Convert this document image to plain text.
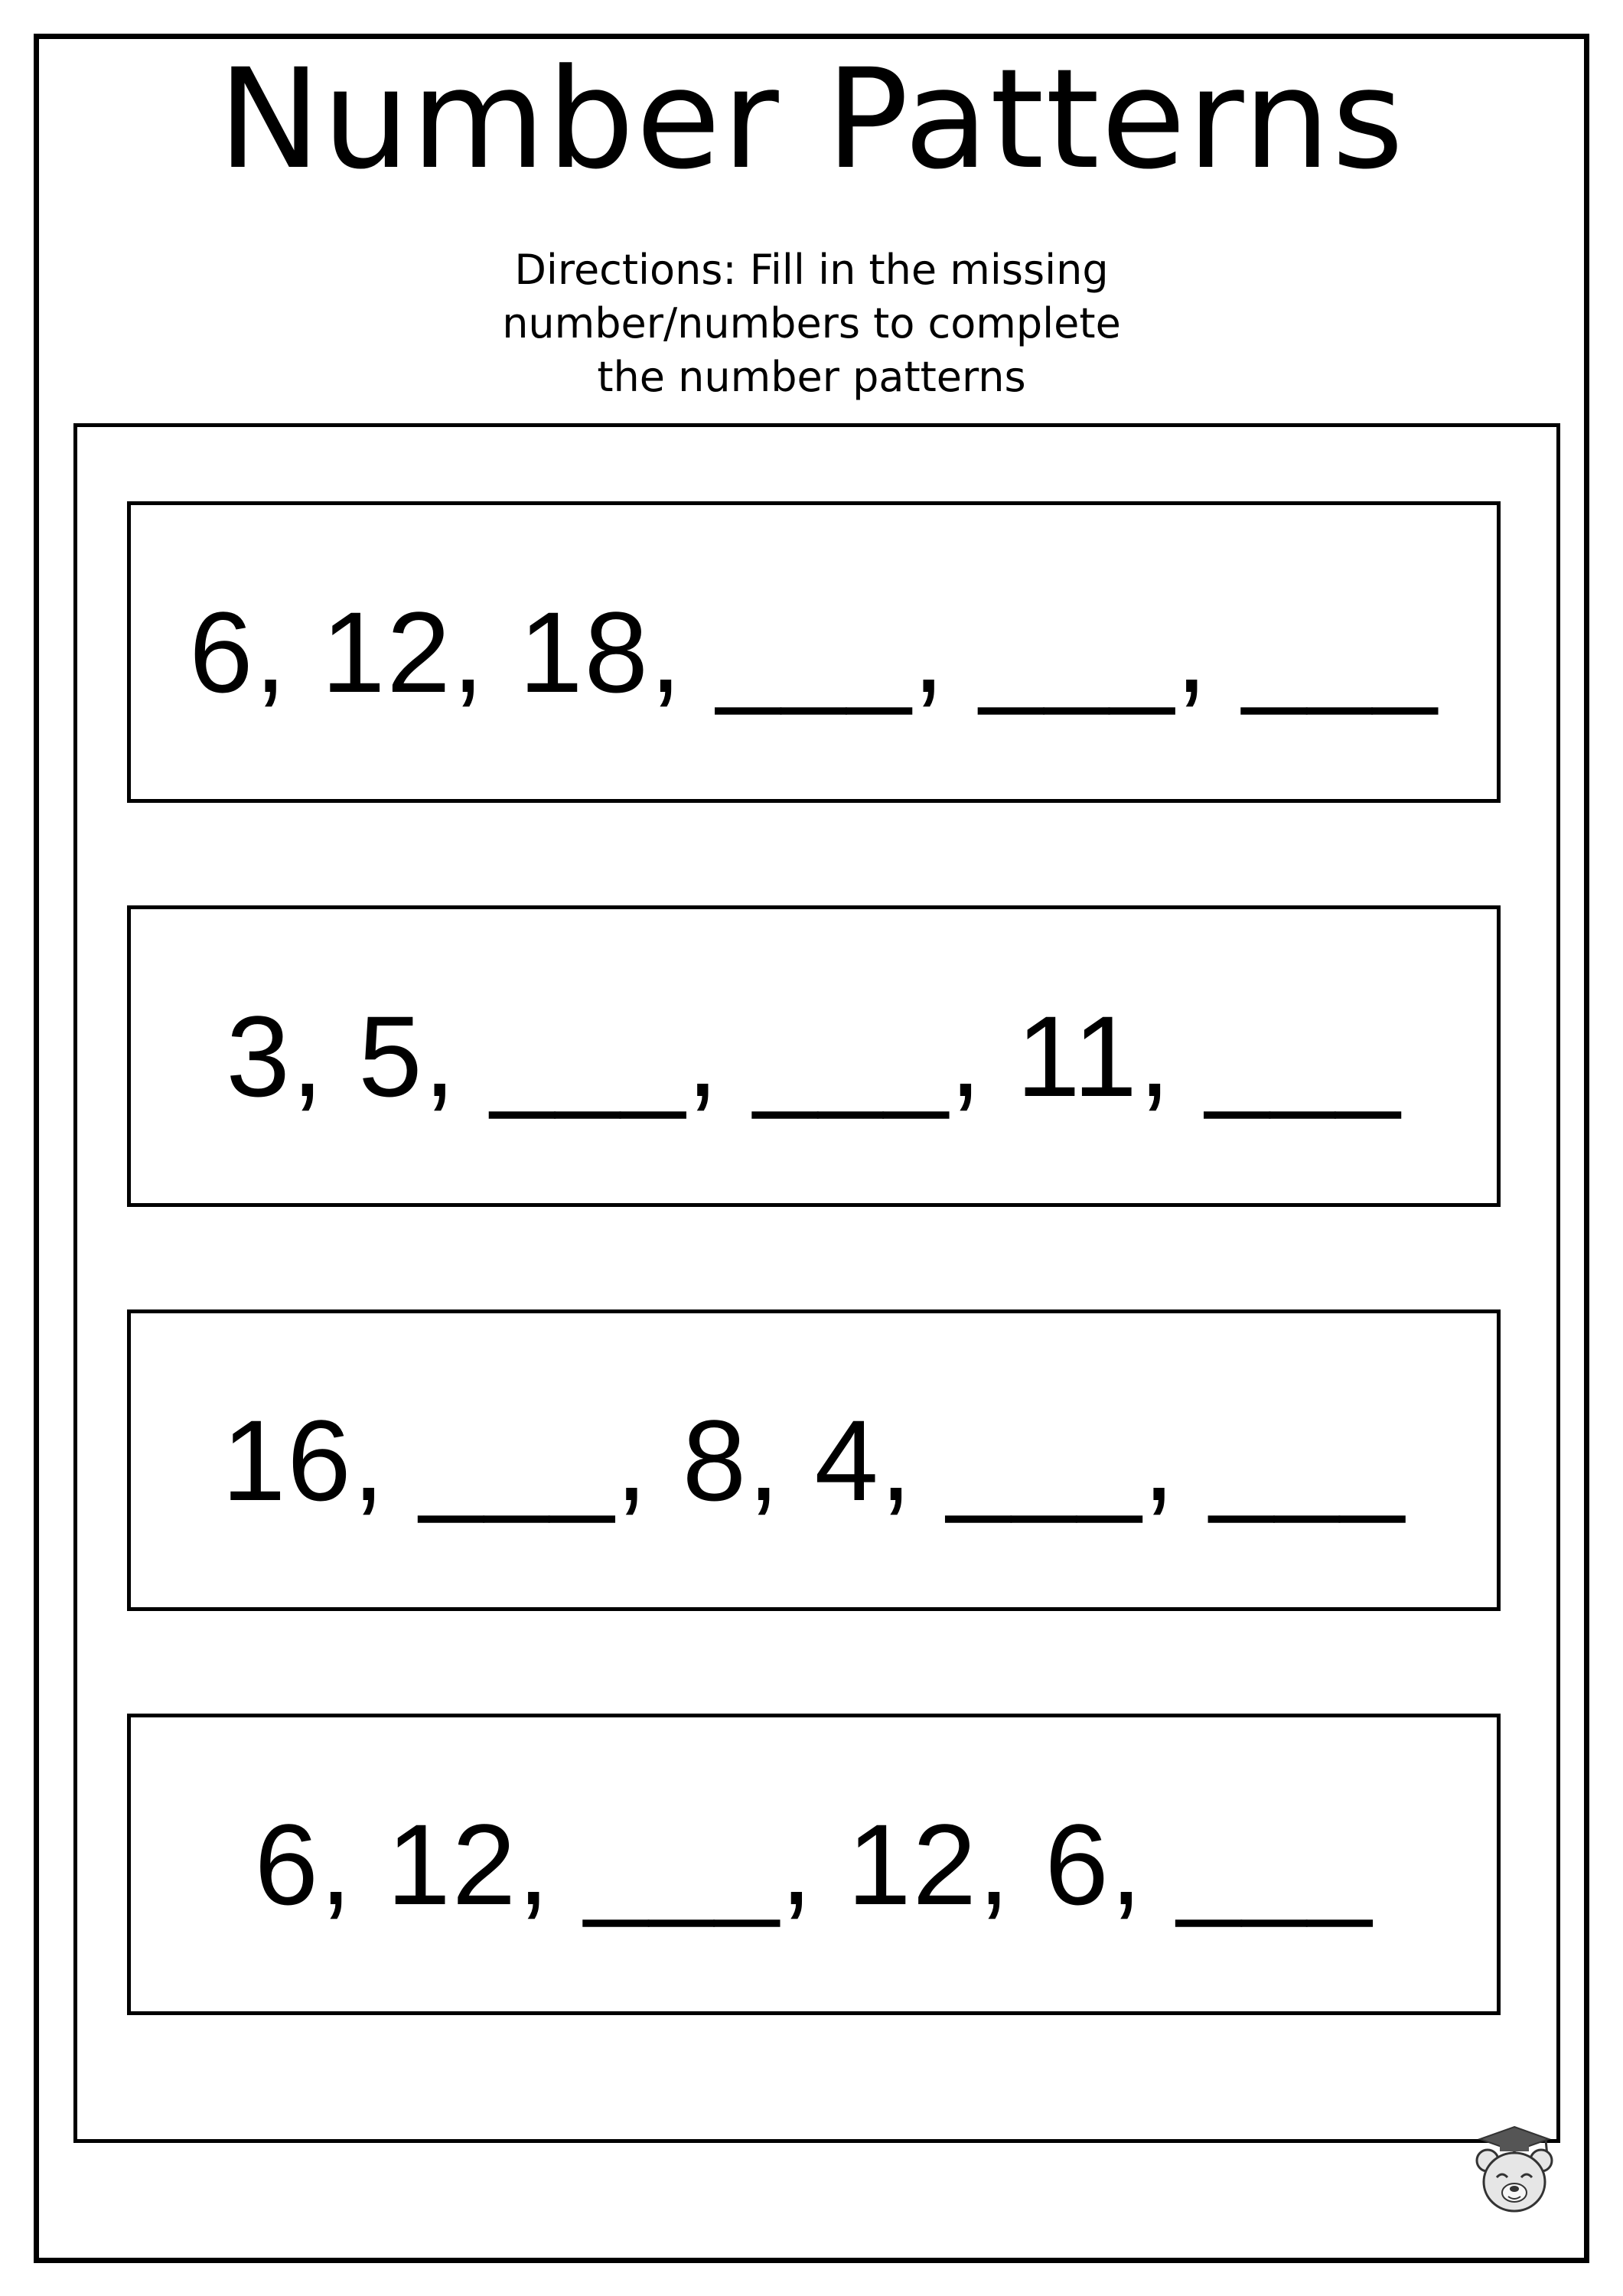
Number Patterns
Directions: Fill in the missing
number/numbers to complete
the number patterns
6, 12, 18, ___, ___, ___
3, 5, ___, ___, 11, ___
16, ___, 8, 4, ___, ___
6, 12, ___, 12, 6, ___
